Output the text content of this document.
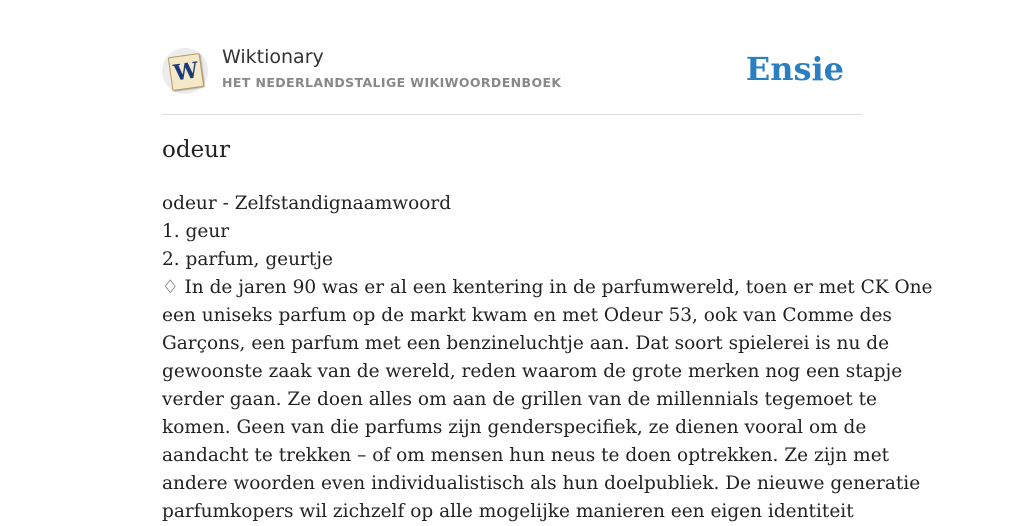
W
Wiktionary
HET NEDERLANDSTALIGE WIKIWOORDENBOEK	Ensie
odeur
odeur - Zelfstandignaamwoord
1. geur
2. parfum, geurtje
♢ In de jaren 90 was er al een kentering in de parfumwereld, toen er met CK One
een uniseks parfum op de markt kwam en met Odeur 53, ook van Comme des
Garçons, een parfum met een benzineluchtje aan. Dat soort spielerei is nu de
gewoonste zaak van de wereld, reden waarom de grote merken nog een stapje
verder gaan. Ze doen alles om aan de grillen van de millennials tegemoet te
komen. Geen van die parfums zijn genderspecifiek, ze dienen vooral om de
aandacht te trekken – of om mensen hun neus te doen optrekken. Ze zijn met
andere woorden even individualistisch als hun doelpubliek. De nieuwe generatie
parfumkopers wil zichzelf op alle mogelijke manieren een eigen identiteit
